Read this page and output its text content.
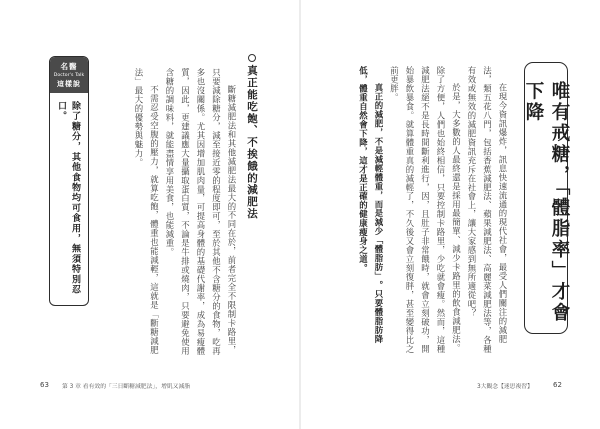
唯有戒糖，「體脂率」才會下降

在現今資訊爆炸，訊息快速流通的現代社會，最受人們關注的減肥法，類五花八門，包括香蕉減肥法、蘋果減肥法、高麗菜減肥法等，各種有效或無效的減肥資訊充斥在社會上，讓大家感到無所適從吧？

於是，大多數的人最終還是採用最簡單、減少卡路里的飲食減肥法。除了方便，人們也始終相信，只要控制卡路里，少吃就會瘦。然而，這種減肥法絕不是長時間斷利進行，因，且肚子非常餓時，就會立刻破功，開始暴飲暴食。就算體重真的減輕了，不久後又會立刻復胖，甚至變得比之前更胖。

真正的減肥，不是減輕體重，而是減少「體脂肪」。只要體脂肪降低，體重自然會下降，這才是正確的健康瘦身之道。

3大觀念【迷思複習】	62
真正能吃飽、不挨餓的減肥法

斷糖減肥法和其他減肥法最大的不同在於，前者完全不限制卡路里，只要減除糖分，減至接近零的程度即可，至於其他不含糖分的食物，吃再多也沒關係。尤其因增加肌肉量，可提高身體的基礎代謝率，成為易瘦體質，因此，更建議應大量攝取蛋白質，不論是牛排或燒肉，只要避免使用含糖的調味料，就能盡情享用美食，也能減重。

不需忍受空腹的壓力，就算吃飽，體重也能減輕，這就是「斷糖減肥法」最大的優勢與魅力。

名醫
Doctor's Talk
這樣說
除了糖分，其他食物均可食用，無須特別忍口。
63 第 3 章 看有效的「三日斷糖減肥法」，增肌又減脂
